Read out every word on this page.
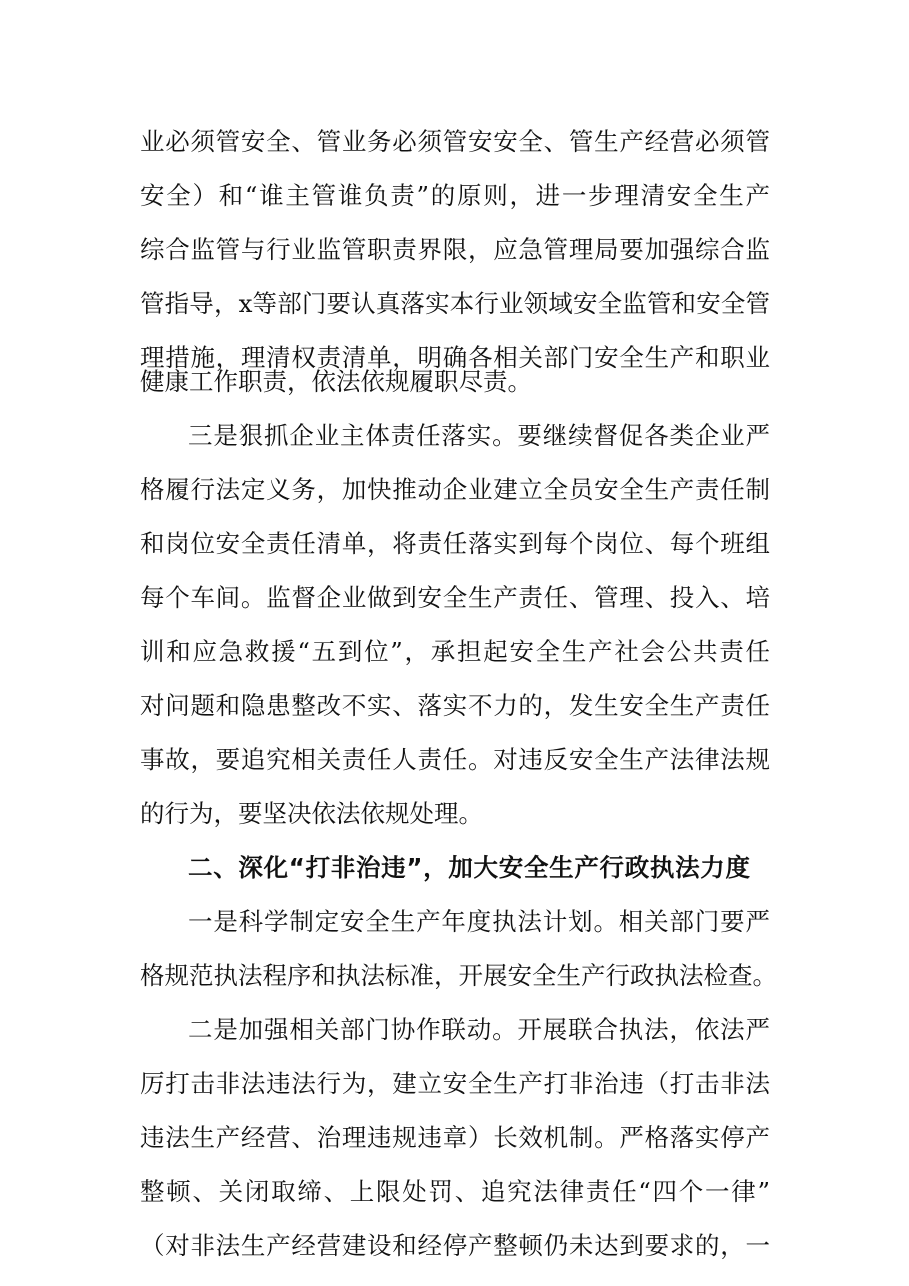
业必须管安全、管业务必须管安安全、管生产经营必须管
安全）和“谁主管谁负责”的原则，进一步理清安全生产
综合监管与行业监管职责界限，应急管理局要加强综合监
管指导，x等部门要认真落实本行业领域安全监管和安全管
理措施，理清权责清单，明确各相关部门安全生产和职业
健康工作职责，依法依规履职尽责。
三是狠抓企业主体责任落实。要继续督促各类企业严
格履行法定义务，加快推动企业建立全员安全生产责任制
和岗位安全责任清单，将责任落实到每个岗位、每个班组
每个车间。监督企业做到安全生产责任、管理、投入、培
训和应急救援“五到位”，承担起安全生产社会公共责任
对问题和隐患整改不实、落实不力的，发生安全生产责任
事故，要追究相关责任人责任。对违反安全生产法律法规
的行为，要坚决依法依规处理。
二、深化“打非治违”，加大安全生产行政执法力度
一是科学制定安全生产年度执法计划。相关部门要严
格规范执法程序和执法标准，开展安全生产行政执法检查。
二是加强相关部门协作联动。开展联合执法，依法严
厉打击非法违法行为，建立安全生产打非治违（打击非法
违法生产经营、治理违规违章）长效机制。严格落实停产
整顿、关闭取缔、上限处罚、追究法律责任“四个一律”
（对非法生产经营建设和经停产整顿仍未达到要求的，一
